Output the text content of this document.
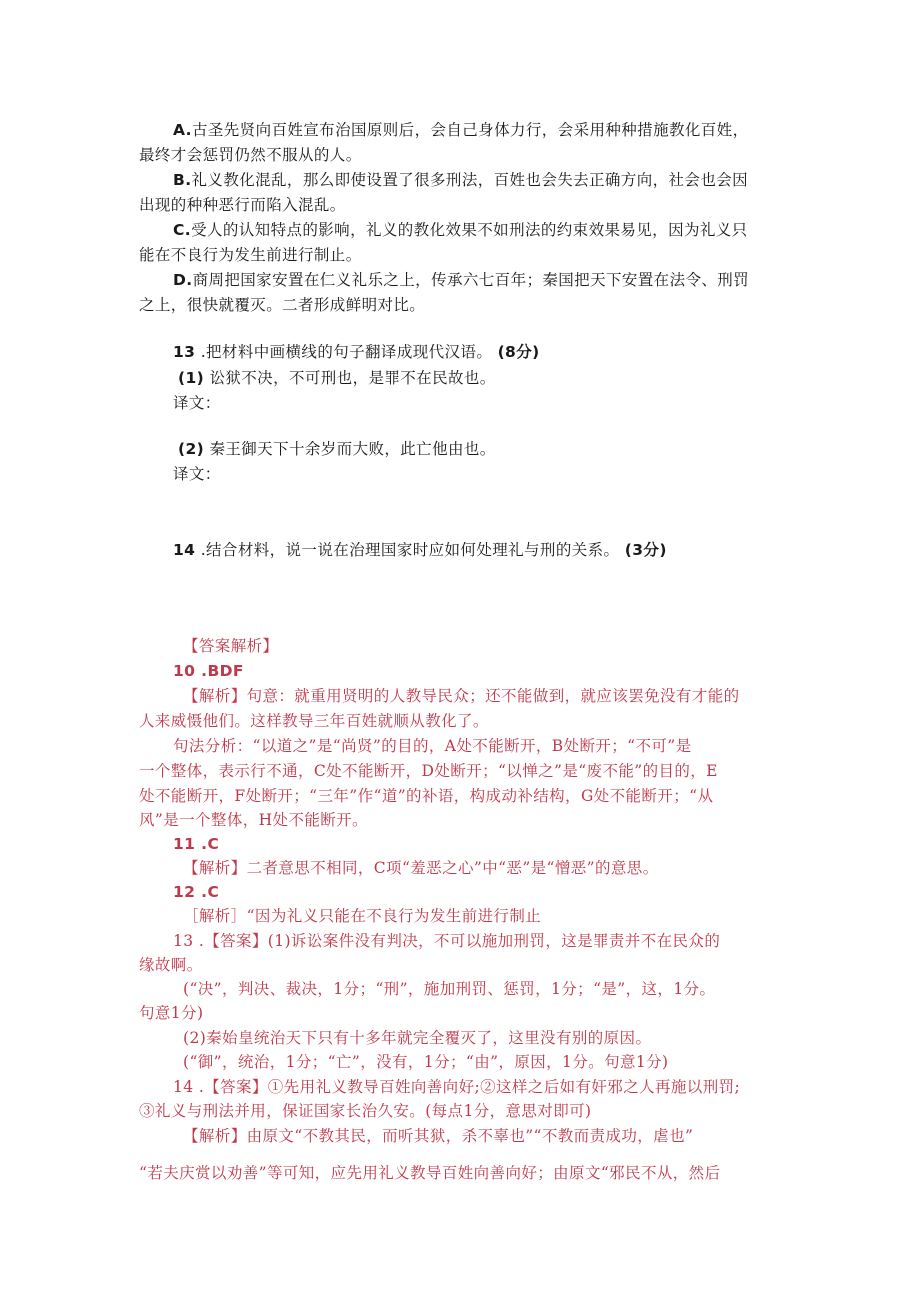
A.古圣先贤向百姓宣布治国原则后，会自己身体力行，会采用种种措施教化百姓，
最终才会惩罚仍然不服从的人。
B.礼义教化混乱，那么即使设置了很多刑法，百姓也会失去正确方向，社会也会因
出现的种种恶行而陷入混乱。
C.受人的认知特点的影响，礼义的教化效果不如刑法的约束效果易见，因为礼义只
能在不良行为发生前进行制止。
D.商周把国家安置在仁义礼乐之上，传承六七百年；秦国把天下安置在法令、刑罚
之上，很快就覆灭。二者形成鲜明对比。
13 .把材料中画横线的句子翻译成现代汉语。 (8分)
(1) 讼狱不决，不可刑也，是罪不在民故也。
译文：
(2) 秦王御天下十余岁而大败，此亡他由也。
译文：
14 .结合材料，说一说在治理国家时应如何处理礼与刑的关系。 (3分)
【答案解析】
10 .BDF
【解析】句意：就重用贤明的人教导民众；还不能做到，就应该罢免没有才能的
人来威慑他们。这样教导三年百姓就顺从教化了。
句法分析：“以道之”是“尚贤”的目的，A处不能断开，B处断开；“不可”是
一个整体，表示行不通，C处不能断开，D处断开；“以惮之”是“废不能”的目的，E
处不能断开，F处断开；“三年”作“道”的补语，构成动补结构，G处不能断开；“从
风”是一个整体，H处不能断开。
11 .C
【解析】二者意思不相同，C项“羞恶之心”中“恶”是“憎恶”的意思。
12 .C
［解析］“因为礼义只能在不良行为发生前进行制止
13 .【答案】(1)诉讼案件没有判决，不可以施加刑罚，这是罪责并不在民众的
缘故啊。
(“决”，判决、裁决，1分；“刑”，施加刑罚、惩罚，1分；“是”，这，1分。
句意1分)
(2)秦始皇统治天下只有十多年就完全覆灭了，这里没有别的原因。
(“御”，统治，1分；“亡”，没有，1分；“由”，原因，1分。句意1分)
14 .【答案】①先用礼义教导百姓向善向好;②这样之后如有奸邪之人再施以刑罚;
③礼义与刑法并用，保证国家长治久安。(每点1分，意思对即可)
【解析】由原文“不教其民，而听其狱，杀不辜也”“不教而责成功，虐也”
“若夫庆赏以劝善”等可知，应先用礼义教导百姓向善向好；由原文“邪民不从，然后
